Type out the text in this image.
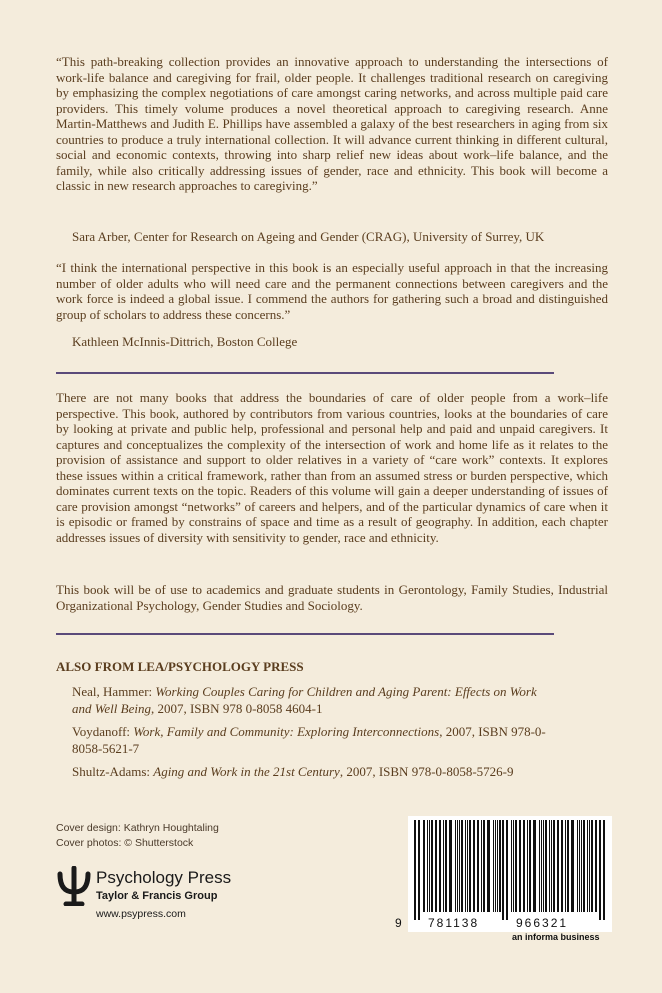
“This path-breaking collection provides an innovative approach to understanding the intersections of work-life balance and caregiving for frail, older people. It challenges traditional research on caregiving by emphasizing the complex negotiations of care amongst caring networks, and across multiple paid care providers. This timely volume produces a novel theoretical approach to caregiving research. Anne Martin-Matthews and Judith E. Phillips have assembled a galaxy of the best researchers in aging from six countries to produce a truly international collection. It will advance current thinking in different cultural, social and economic contexts, throwing into sharp relief new ideas about work–life balance, and the family, while also critically addressing issues of gender, race and ethnicity. This book will become a classic in new research approaches to caregiving.”

Sara Arber, Center for Research on Ageing and Gender (CRAG), University of Surrey, UK

“I think the international perspective in this book is an especially useful approach in that the increasing number of older adults who will need care and the permanent connections between caregivers and the work force is indeed a global issue. I commend the authors for gathering such a broad and distinguished group of scholars to address these concerns.”

Kathleen McInnis-Dittrich, Boston College

There are not many books that address the boundaries of care of older people from a work–life perspective. This book, authored by contributors from various countries, looks at the boundaries of care by looking at private and public help, professional and personal help and paid and unpaid caregivers. It captures and conceptualizes the complexity of the intersection of work and home life as it relates to the provision of assistance and support to older relatives in a variety of “care work” contexts. It explores these issues within a critical framework, rather than from an assumed stress or burden perspective, which dominates current texts on the topic. Readers of this volume will gain a deeper understanding of issues of care provision amongst “networks” of careers and helpers, and of the particular dynamics of care when it is episodic or framed by constrains of space and time as a result of geography. In addition, each chapter addresses issues of diversity with sensitivity to gender, race and ethnicity.

This book will be of use to academics and graduate students in Gerontology, Family Studies, Industrial Organizational Psychology, Gender Studies and Sociology.

ALSO FROM LEA/PSYCHOLOGY PRESS

Neal, Hammer: Working Couples Caring for Children and Aging Parent: Effects on Work and Well Being, 2007, ISBN 978 0-8058 4604-1

Voydanoff: Work, Family and Community: Exploring Interconnections, 2007, ISBN 978-0-8058-5621-7

Shultz-Adams: Aging and Work in the 21st Century, 2007, ISBN 978-0-8058-5726-9

Cover design: Kathryn Houghtaling
Cover photos: © Shutterstock
Psychology Press
Taylor & Francis Group
www.psypress.com
9 781138	966321
an informa business
